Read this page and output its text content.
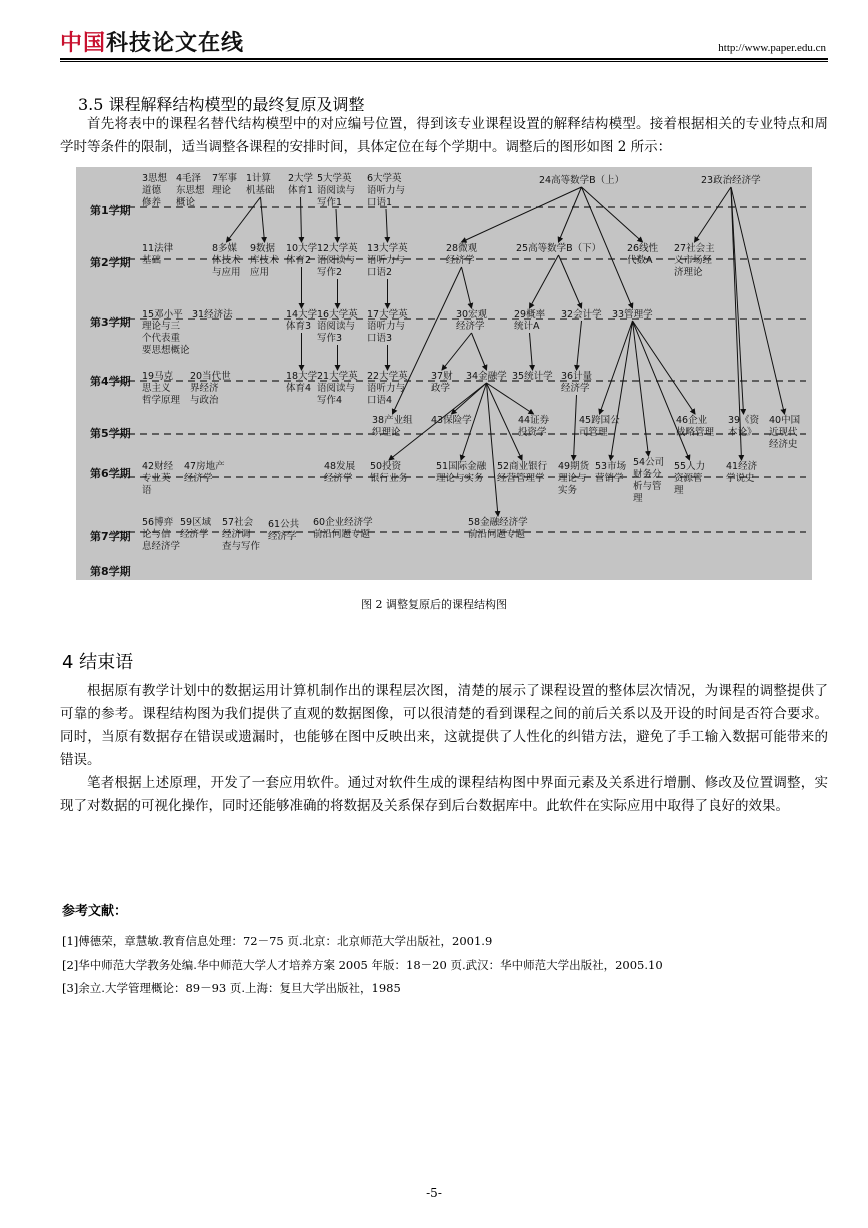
中国科技论文在线	http://www.paper.edu.cn
3.5 课程解释结构模型的最终复原及调整

首先将表中的课程名替代结构模型中的对应编号位置，得到该专业课程设置的解释结构模型。接着根据相关的专业特点和周学时等条件的限制，适当调整各课程的安排时间，具体定位在每个学期中。调整后的图形如图 2 所示：

第1学期
第2学期
第3学期
第4学期
第5学期
第6学期
第7学期
第8学期
3思想
道德
修养
4毛泽
东思想
概论
7军事
理论
1计算
机基础
2大学
体育1
5大学英
语阅读与
写作1
6大学英
语听力与
口语1
24高等数学B（上）	23政治经济学
11法律
基础
8多媒
体技术
与应用
9数据
库技术
应用
10大学
体育2
12大学英
语阅读与
写作2
13大学英
语听力与
口语2
28微观
经济学
25高等数学B（下）	26线性
代数A
27社会主
义市场经
济理论
15邓小平
理论与三
个代表重
要思想概论
31经济法	14大学
体育3
16大学英
语阅读与
写作3
17大学英
语听力与
口语3
30宏观
经济学
29概率
统计A
32会计学 33管理学
19马克
思主义
哲学原理
20当代世
界经济
与政治
18大学
体育4
21大学英
语阅读与
写作4
22大学英
语听力与
口语4
37财
政学
34金融学 35统计学 36计量
经济学
38产业组
织理论
43保险学	44证券
投资学
45跨国公
司管理
46企业
战略管理
39《资
本论》
40中国
近现代
经济史
42财经
专业英
语
47房地产
经济学
48发展
经济学
50投资
银行业务
51国际金融
理论与实务
52商业银行
经营管理学
49期货
理论与
实务
53市场
营销学
54公司
财务分
析与管
理
55人力
资源管
理
41经济
学说史
56博弈
论与信
息经济学
59区域
经济学
57社会
经济调
查与写作
61公共
经济学
60企业经济学
前沿问题专题
58金融经济学
前沿问题专题
图 2 调整复原后的课程结构图
4 结束语

根据原有教学计划中的数据运用计算机制作出的课程层次图，清楚的展示了课程设置的整体层次情况，为课程的调整提供了可靠的参考。课程结构图为我们提供了直观的数据图像，可以很清楚的看到课程之间的前后关系以及开设的时间是否符合要求。同时，当原有数据存在错误或遗漏时，也能够在图中反映出来，这就提供了人性化的纠错方法，避免了手工输入数据可能带来的错误。

笔者根据上述原理，开发了一套应用软件。通过对软件生成的课程结构图中界面元素及关系进行增删、修改及位置调整，实现了对数据的可视化操作，同时还能够准确的将数据及关系保存到后台数据库中。此软件在实际应用中取得了良好的效果。

参考文献：
[1]傅德荣，章慧敏.教育信息处理：72－75 页.北京：北京师范大学出版社，2001.9
[2]华中师范大学教务处编.华中师范大学人才培养方案 2005 年版：18－20 页.武汉：华中师范大学出版社，2005.10
[3]余立.大学管理概论：89－93 页.上海：复旦大学出版社，1985
-5-
